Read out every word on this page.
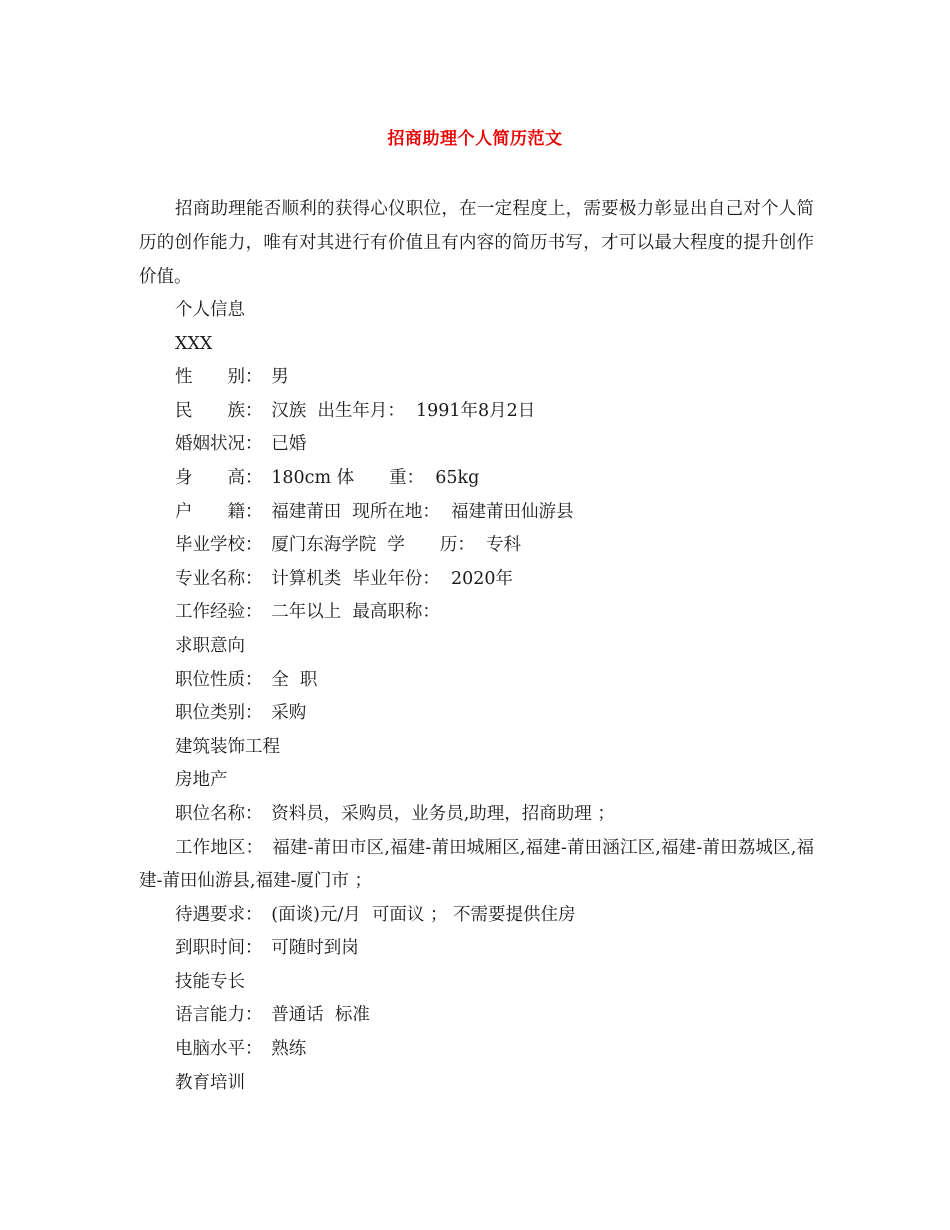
招商助理个人简历范文

招商助理能否顺利的获得心仪职位，在一定程度上，需要极力彰显出自己对个人简历的创作能力，唯有对其进行有价值且有内容的简历书写，才可以最大程度的提升创作价值。

个人信息
XXX
性　　别：　男
民　　族：　汉族  出生年月：  1991年8月2日
婚姻状况：　已婚
身　　高：　180cm 体　　重：  65kg
户　　籍：　福建莆田  现所在地：  福建莆田仙游县
毕业学校：　厦门东海学院  学　　历：  专科
专业名称：　计算机类  毕业年份：  2020年
工作经验：　二年以上  最高职称：
求职意向
职位性质：　全  职
职位类别：　采购
建筑装饰工程
房地产
职位名称：　资料员，采购员，业务员,助理，招商助理 ；
工作地区：　福建-莆田市区,福建-莆田城厢区,福建-莆田涵江区,福建-莆田荔城区,福建-莆田仙游县,福建-厦门市 ；
待遇要求：　(面谈)元/月  可面议 ； 不需要提供住房
到职时间：　可随时到岗
技能专长
语言能力：　普通话  标准
电脑水平：　熟练
教育培训
